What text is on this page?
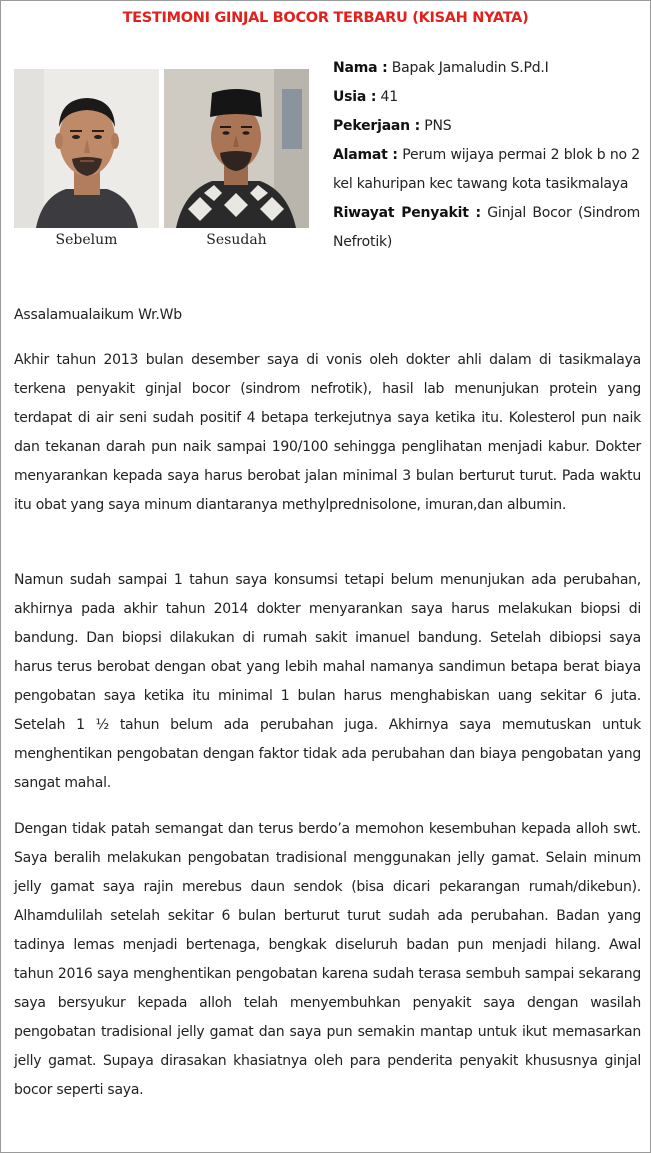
TESTIMONI GINJAL BOCOR TERBARU (KISAH NYATA)
Sebelum	Sesudah
Nama : Bapak Jamaludin S.Pd.I
Usia : 41
Pekerjaan : PNS
Alamat : Perum wijaya permai 2 blok b no 2 kel kahuripan kec tawang kota tasikmalaya
Riwayat Penyakit : Ginjal Bocor (Sindrom Nefrotik)
Assalamualaikum Wr.Wb

Akhir tahun 2013 bulan desember saya di vonis oleh dokter ahli dalam di tasikmalaya terkena penyakit ginjal bocor (sindrom nefrotik), hasil lab menunjukan protein yang terdapat di air seni sudah positif 4 betapa terkejutnya saya ketika itu. Kolesterol pun naik dan tekanan darah pun naik sampai 190/100 sehingga penglihatan menjadi kabur. Dokter menyarankan kepada saya harus berobat jalan minimal 3 bulan berturut turut. Pada waktu itu obat yang saya minum diantaranya methylprednisolone, imuran,dan albumin.

Namun sudah sampai 1 tahun saya konsumsi tetapi belum menunjukan ada perubahan, akhirnya pada akhir tahun 2014 dokter menyarankan saya harus melakukan biopsi di bandung. Dan biopsi dilakukan di rumah sakit imanuel bandung. Setelah dibiopsi saya harus terus berobat dengan obat yang lebih mahal namanya sandimun betapa berat biaya pengobatan saya ketika itu minimal 1 bulan harus menghabiskan uang sekitar 6 juta. Setelah 1 ½ tahun belum ada perubahan juga. Akhirnya saya memutuskan untuk menghentikan pengobatan dengan faktor tidak ada perubahan dan biaya pengobatan yang sangat mahal.

Dengan tidak patah semangat dan terus berdo’a memohon kesembuhan kepada alloh swt. Saya beralih melakukan pengobatan tradisional menggunakan jelly gamat. Selain minum jelly gamat saya rajin merebus daun sendok (bisa dicari pekarangan rumah/dikebun). Alhamdulilah setelah sekitar 6 bulan berturut turut sudah ada perubahan. Badan yang tadinya lemas menjadi bertenaga, bengkak diseluruh badan pun menjadi hilang. Awal tahun 2016 saya menghentikan pengobatan karena sudah terasa sembuh sampai sekarang saya bersyukur kepada alloh telah menyembuhkan penyakit saya dengan wasilah pengobatan tradisional jelly gamat dan saya pun semakin mantap untuk ikut memasarkan jelly gamat. Supaya dirasakan khasiatnya oleh para penderita penyakit khususnya ginjal bocor seperti saya.
